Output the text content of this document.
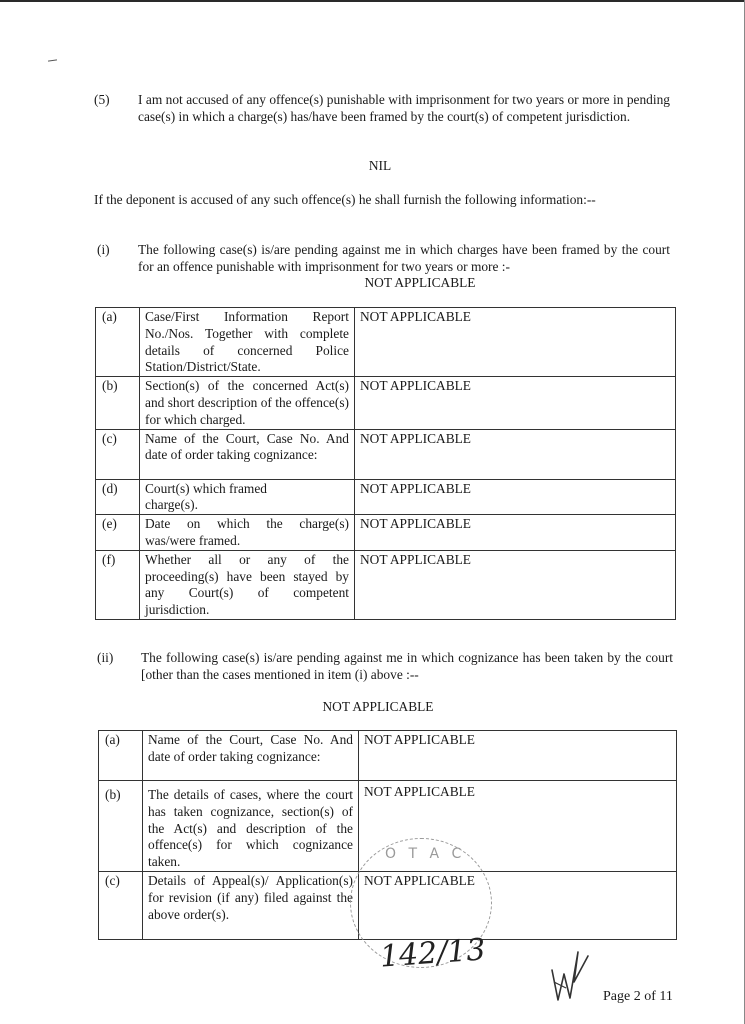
(5) I am not accused of any offence(s) punishable with imprisonment for two years or more in pending case(s) in which a charge(s) has/have been framed by the court(s) of competent jurisdiction.
NIL
If the deponent is accused of any such offence(s) he shall furnish the following information:--
(i) The following case(s) is/are pending against me in which charges have been framed by the court for an offence punishable with imprisonment for two years or more :-
NOT APPLICABLE
(a)	Case/First Information Report No./Nos. Together with complete details of concerned Police Station/District/State.	NOT APPLICABLE
(b)	Section(s) of the concerned Act(s) and short description of the offence(s) for which charged.	NOT APPLICABLE
(c)	Name of the Court, Case No. And date of order taking cognizance:	NOT APPLICABLE
(d)	Court(s) which framed charge(s).	NOT APPLICABLE
(e)	Date on which the charge(s) was/were framed.	NOT APPLICABLE
(f)	Whether all or any of the proceeding(s) have been stayed by any Court(s) of competent jurisdiction.	NOT APPLICABLE
(ii) The following case(s) is/are pending against me in which cognizance has been taken by the court [other than the cases mentioned in item (i) above :--
NOT APPLICABLE
(a)	Name of the Court, Case No. And date of order taking cognizance:	NOT APPLICABLE
(b)	The details of cases, where the court has taken cognizance, section(s) of the Act(s) and description of the offence(s) for which cognizance taken.	NOT APPLICABLE
(c)	Details of Appeal(s)/ Application(s) for revision (if any) filed against the above order(s).	NOT APPLICABLE
O T A C
142/13
Page 2 of 11
